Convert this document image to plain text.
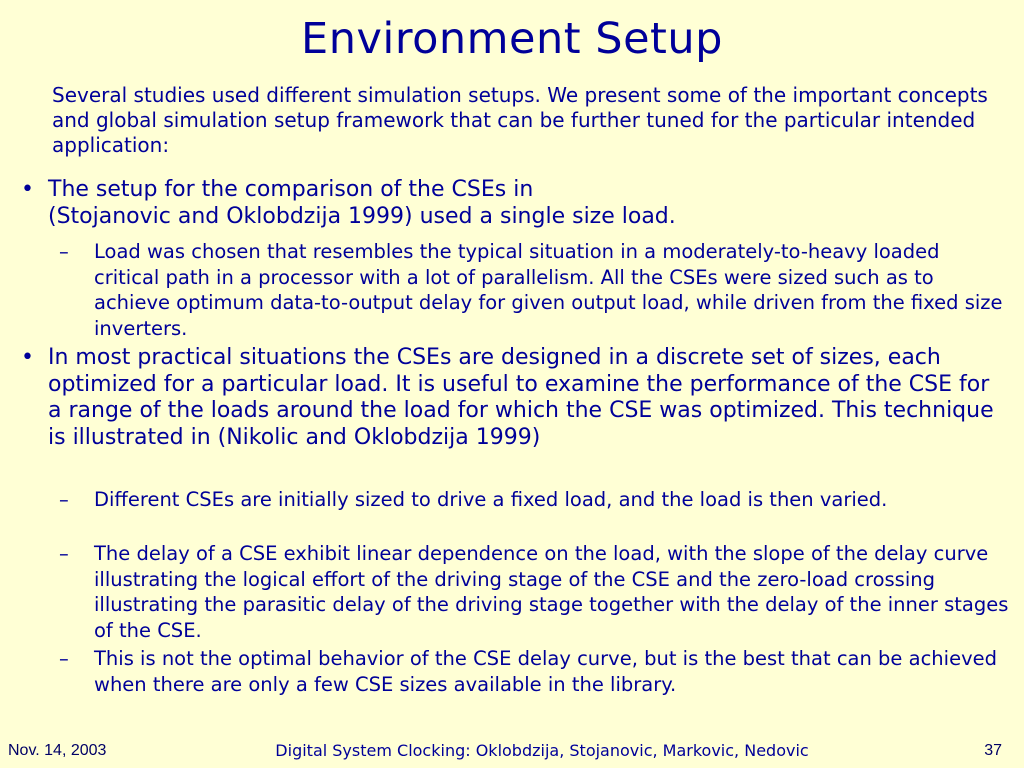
Environment Setup
Several studies used different simulation setups. We present some of the important concepts and global simulation setup framework that can be further tuned for the particular intended application:
• The setup for the comparison of the CSEs in
(Stojanovic and Oklobdzija 1999) used a single size load.
– Load was chosen that resembles the typical situation in a moderately-to-heavy loaded critical path in a processor with a lot of parallelism. All the CSEs were sized such as to achieve optimum data-to-output delay for given output load, while driven from the fixed size inverters.
• In most practical situations the CSEs are designed in a discrete set of sizes, each optimized for a particular load. It is useful to examine the performance of the CSE for a range of the loads around the load for which the CSE was optimized. This technique is illustrated in (Nikolic and Oklobdzija 1999)
– Different CSEs are initially sized to drive a fixed load, and the load is then varied.
– The delay of a CSE exhibit linear dependence on the load, with the slope of the delay curve illustrating the logical effort of the driving stage of the CSE and the zero-load crossing illustrating the parasitic delay of the driving stage together with the delay of the inner stages of the CSE.
– This is not the optimal behavior of the CSE delay curve, but is the best that can be achieved when there are only a few CSE sizes available in the library.
Nov. 14, 2003	Digital System Clocking: Oklobdzija, Stojanovic, Markovic, Nedovic	37
